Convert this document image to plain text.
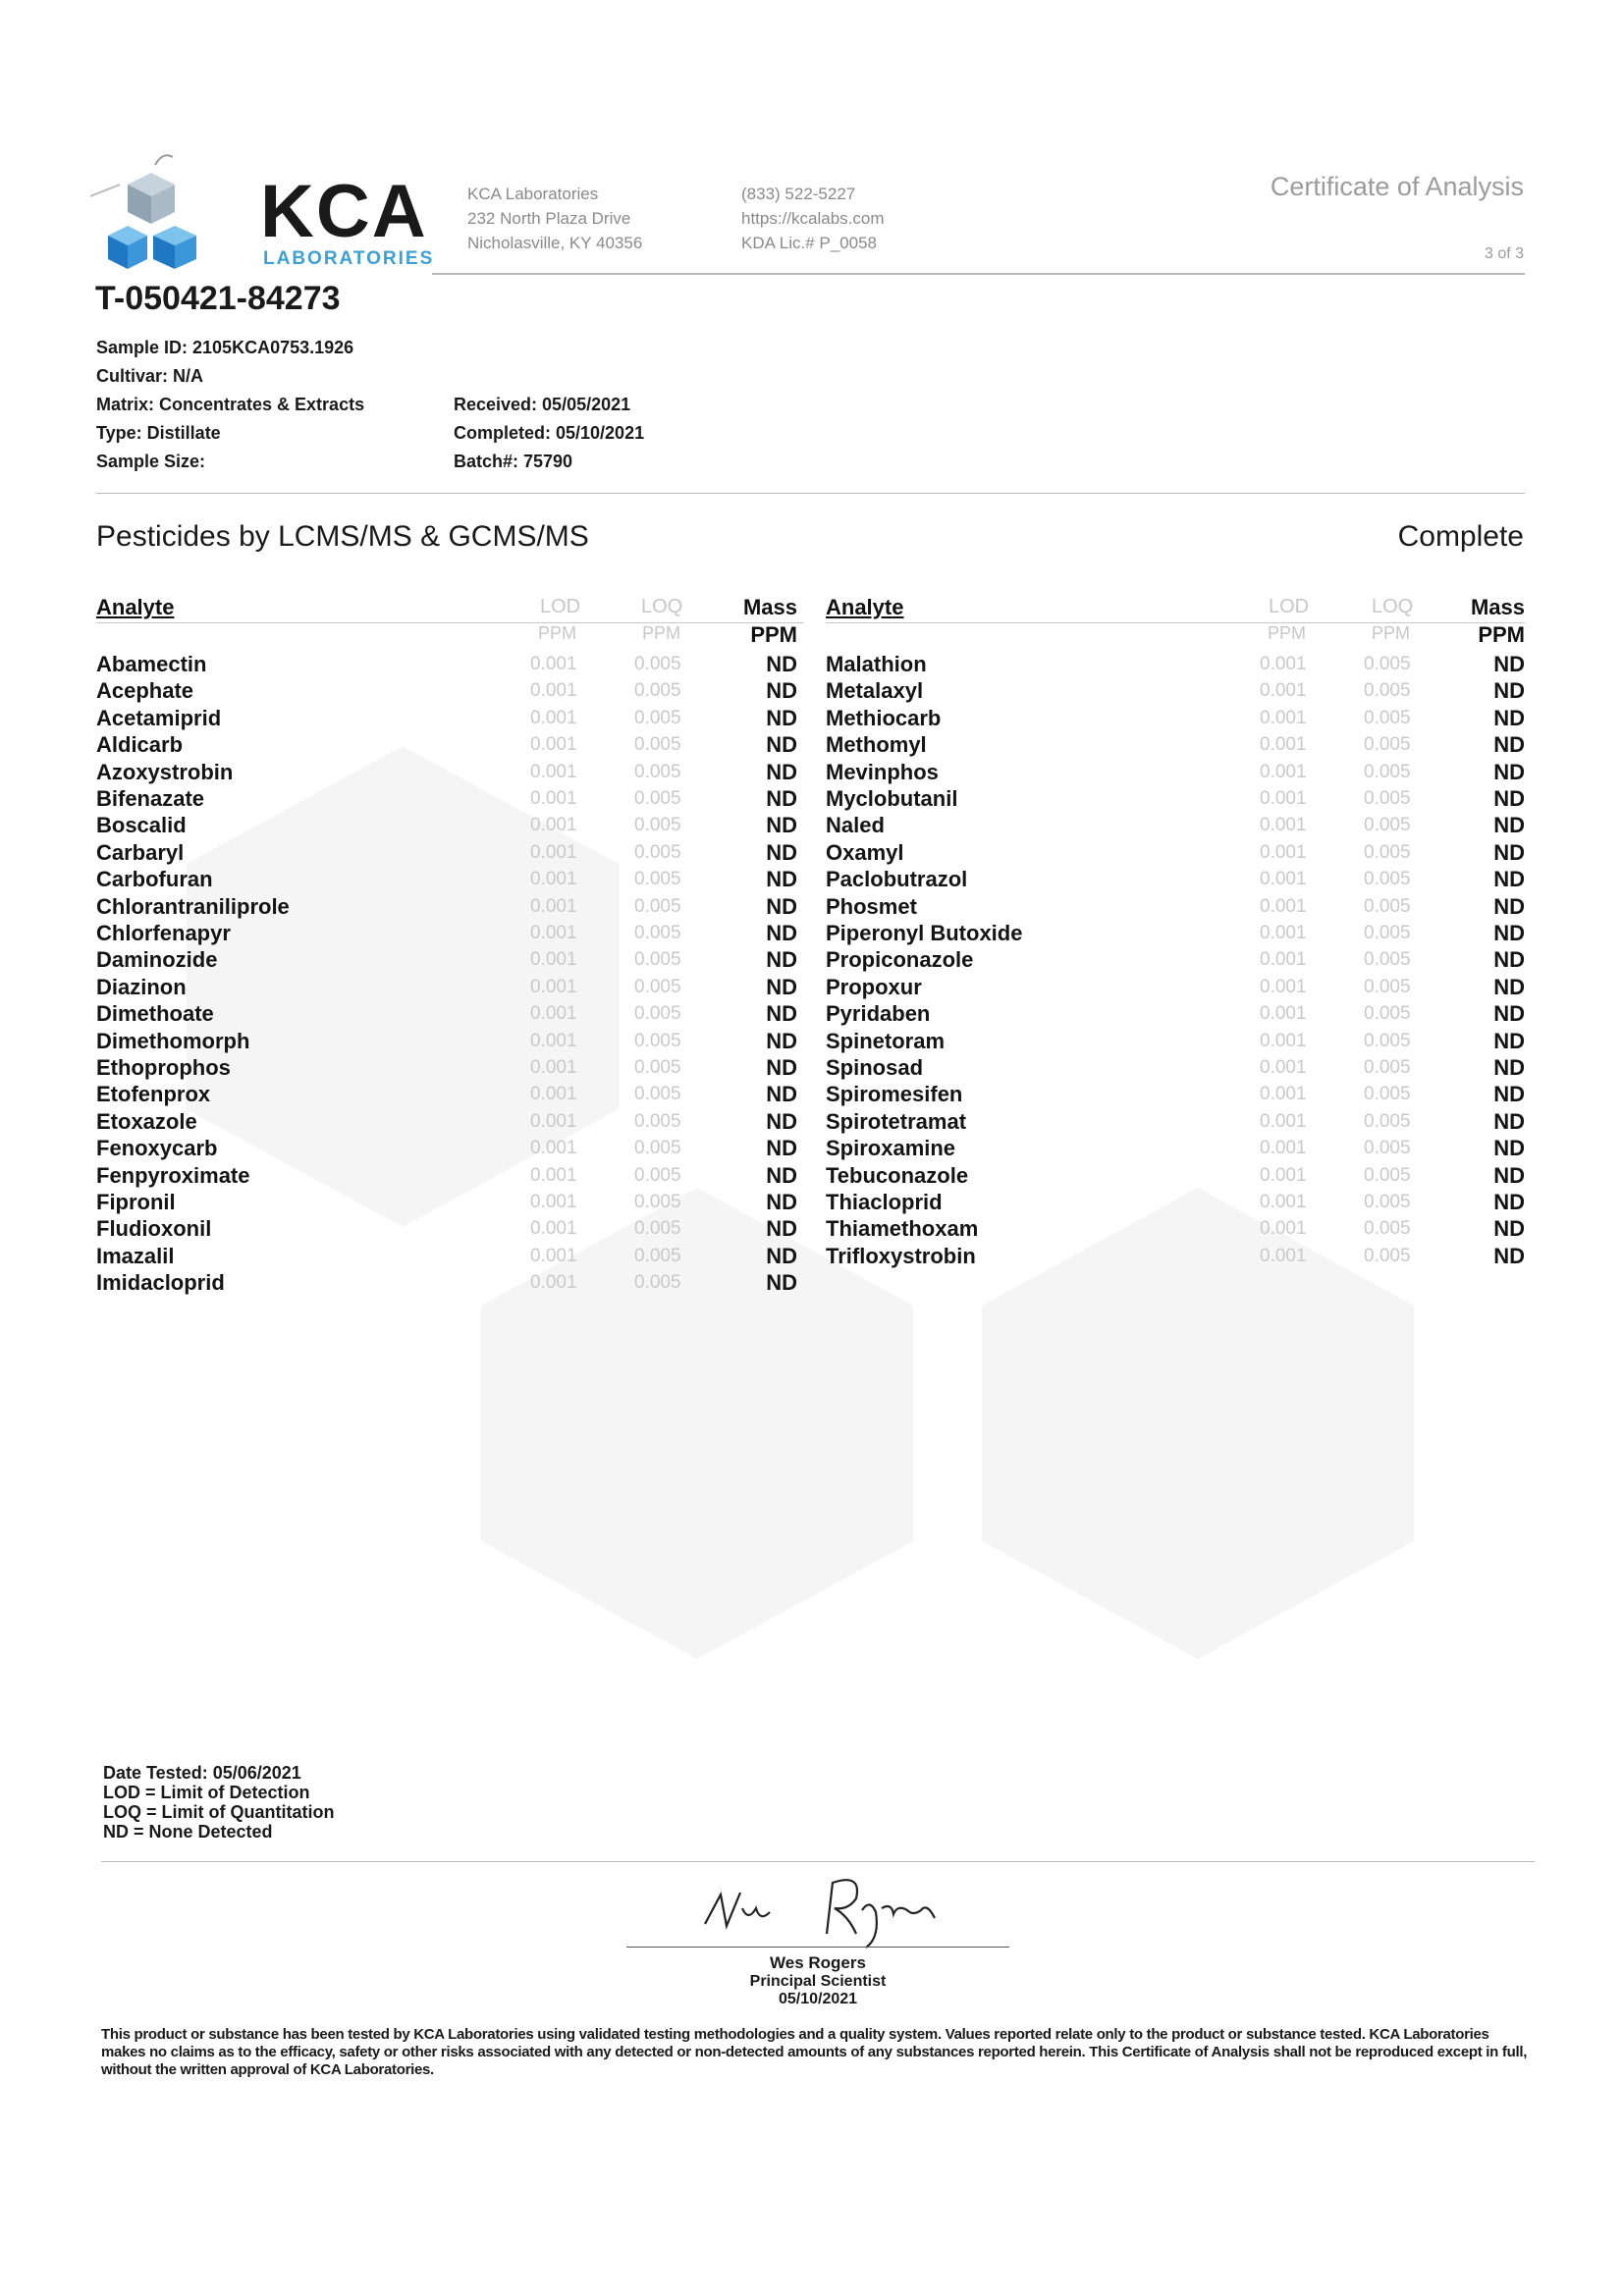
KCA
LABORATORIES
KCA Laboratories
232 North Plaza Drive
Nicholasville, KY 40356
(833) 522-5227
https://kcalabs.com
KDA Lic.# P_0058
Certificate of Analysis
3 of 3
T-050421-84273
Sample ID: 2105KCA0753.1926
Cultivar: N/A
Matrix: Concentrates & Extracts
Type: Distillate
Sample Size:
Received: 05/05/2021
Completed: 05/10/2021
Batch#: 75790
Pesticides by LCMS/MS & GCMS/MS	Complete
Analyte	LOD	LOQ	Mass
PPM	PPM	PPM
Abamectin	0.001	0.005	ND
Acephate	0.001	0.005	ND
Acetamiprid	0.001	0.005	ND
Aldicarb	0.001	0.005	ND
Azoxystrobin	0.001	0.005	ND
Bifenazate	0.001	0.005	ND
Boscalid	0.001	0.005	ND
Carbaryl	0.001	0.005	ND
Carbofuran	0.001	0.005	ND
Chlorantraniliprole	0.001	0.005	ND
Chlorfenapyr	0.001	0.005	ND
Daminozide	0.001	0.005	ND
Diazinon	0.001	0.005	ND
Dimethoate	0.001	0.005	ND
Dimethomorph	0.001	0.005	ND
Ethoprophos	0.001	0.005	ND
Etofenprox	0.001	0.005	ND
Etoxazole	0.001	0.005	ND
Fenoxycarb	0.001	0.005	ND
Fenpyroximate	0.001	0.005	ND
Fipronil	0.001	0.005	ND
Fludioxonil	0.001	0.005	ND
Imazalil	0.001	0.005	ND
Imidacloprid	0.001	0.005	ND
Analyte	LOD	LOQ	Mass
PPM	PPM	PPM
Malathion	0.001	0.005	ND
Metalaxyl	0.001	0.005	ND
Methiocarb	0.001	0.005	ND
Methomyl	0.001	0.005	ND
Mevinphos	0.001	0.005	ND
Myclobutanil	0.001	0.005	ND
Naled	0.001	0.005	ND
Oxamyl	0.001	0.005	ND
Paclobutrazol	0.001	0.005	ND
Phosmet	0.001	0.005	ND
Piperonyl Butoxide	0.001	0.005	ND
Propiconazole	0.001	0.005	ND
Propoxur	0.001	0.005	ND
Pyridaben	0.001	0.005	ND
Spinetoram	0.001	0.005	ND
Spinosad	0.001	0.005	ND
Spiromesifen	0.001	0.005	ND
Spirotetramat	0.001	0.005	ND
Spiroxamine	0.001	0.005	ND
Tebuconazole	0.001	0.005	ND
Thiacloprid	0.001	0.005	ND
Thiamethoxam	0.001	0.005	ND
Trifloxystrobin	0.001	0.005	ND
Date Tested: 05/06/2021
LOD = Limit of Detection
LOQ = Limit of Quantitation
ND = None Detected
Wes Rogers
Principal Scientist
05/10/2021
This product or substance has been tested by KCA Laboratories using validated testing methodologies and a quality system. Values reported relate only to the product or substance tested. KCA Laboratories makes no claims as to the efficacy, safety or other risks associated with any detected or non-detected amounts of any substances reported herein. This Certificate of Analysis shall not be reproduced except in full, without the written approval of KCA Laboratories.
